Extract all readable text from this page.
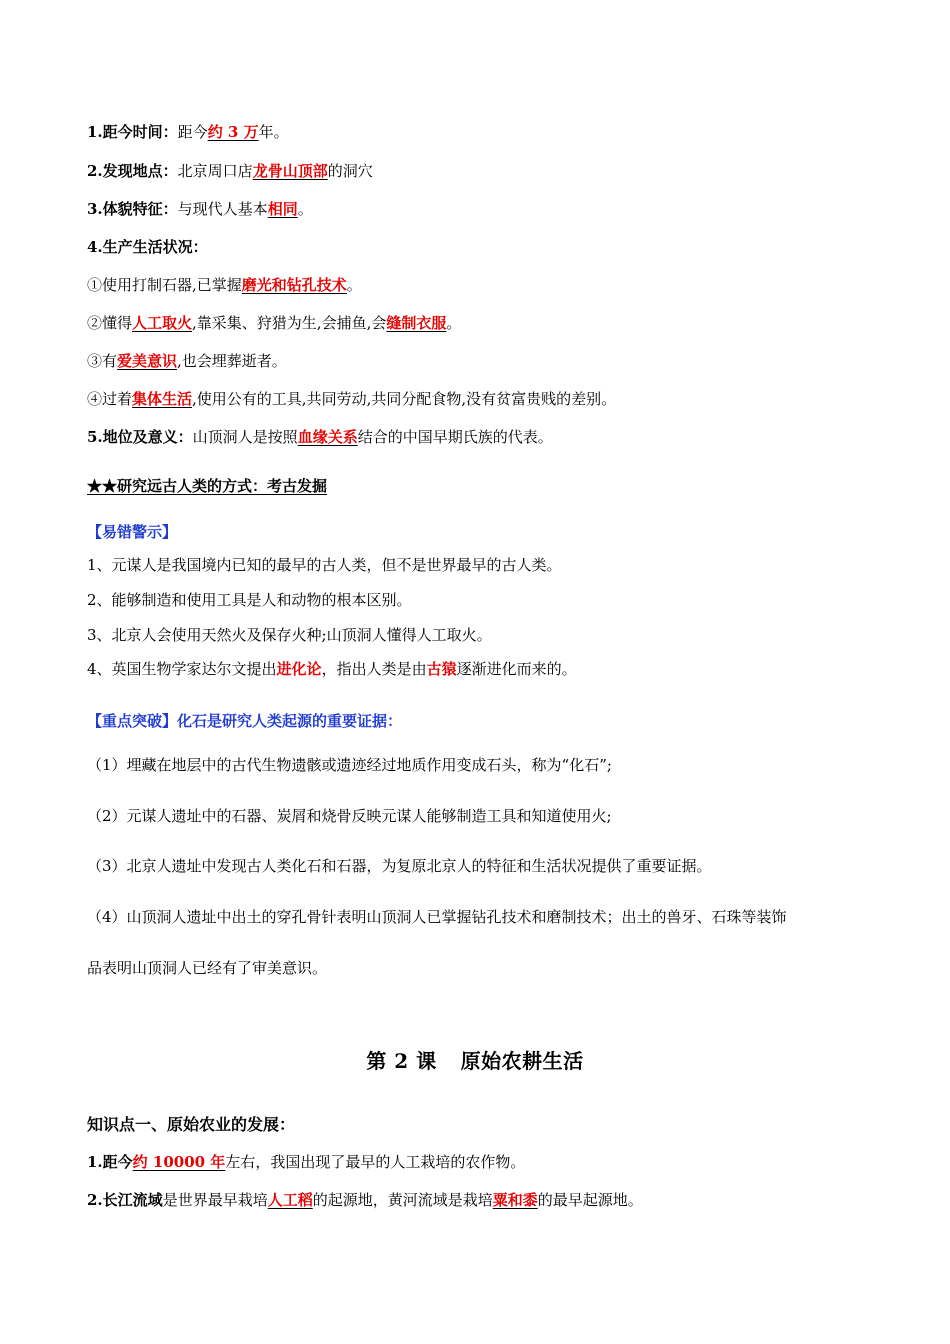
1.距今时间：距今约 3 万年。
2.发现地点：北京周口店龙骨山顶部的洞穴
3.体貌特征：与现代人基本相同。
4.生产生活状况：
①使用打制石器,已掌握磨光和钻孔技术。
②懂得人工取火,靠采集、狩猎为生,会捕鱼,会缝制衣服。
③有爱美意识,也会埋葬逝者。
④过着集体生活,使用公有的工具,共同劳动,共同分配食物,没有贫富贵贱的差别。
5.地位及意义：山顶洞人是按照血缘关系结合的中国早期氏族的代表。
★★研究远古人类的方式：考古发掘
【易错警示】
1、元谋人是我国境内已知的最早的古人类，但不是世界最早的古人类。
2、能够制造和使用工具是人和动物的根本区别。
3、北京人会使用天然火及保存火种;山顶洞人懂得人工取火。
4、英国生物学家达尔文提出进化论，指出人类是由古猿逐渐进化而来的。
【重点突破】化石是研究人类起源的重要证据：
（1）埋藏在地层中的古代生物遗骸或遗迹经过地质作用变成石头，称为“化石”;
（2）元谋人遗址中的石器、炭屑和烧骨反映元谋人能够制造工具和知道使用火;
（3）北京人遗址中发现古人类化石和石器，为复原北京人的特征和生活状况提供了重要证据。
（4）山顶洞人遗址中出土的穿孔骨针表明山顶洞人已掌握钻孔技术和磨制技术；出土的兽牙、石珠等装饰
品表明山顶洞人已经有了审美意识。
第 2 课 原始农耕生活
知识点一、原始农业的发展：
1.距今约 10000 年左右，我国出现了最早的人工栽培的农作物。
2.长江流域是世界最早栽培人工稻的起源地，黄河流域是栽培粟和黍的最早起源地。
